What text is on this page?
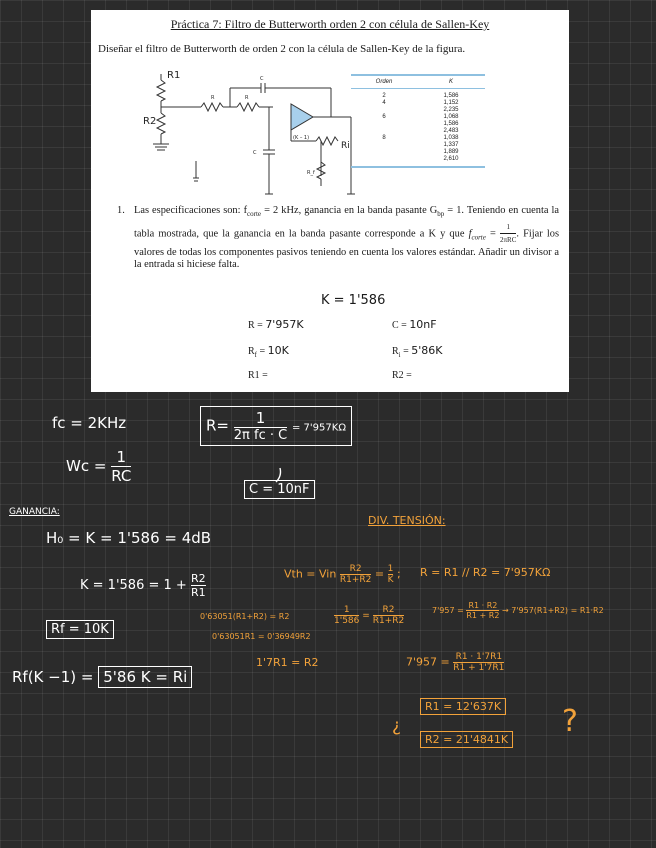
Práctica 7: Filtro de Butterworth orden 2 con célula de Sallen-Key
Diseñar el filtro de Butterworth de orden 2 con la célula de Sallen-Key de la figura.
R1
R2
Ri
C
C
R	R
(K – 1)
R_f
Orden	K
2	1,586
4	1,152
2,235
6	1,068
1,586
2,483
8	1,038
1,337
1,889
2,610
1. Las especificaciones son: $f_{corte} = 2$ kHz, ganancia en la banda pasante $G_{bp} = 1$. Teniendo en cuenta la tabla mostrada, que la ganancia en la banda pasante corresponde a K y que $f_{corte} = \frac{1}{\text{2πRC}}$ . Fijar los valores de todas los componentes pasivos teniendo en cuenta los valores estándar. Añadir un divisor a la entrada si hiciese falta.
K = 1'586
R = 7'957K	C = 10nF
$R_f = 10K$	$R_i = 5'86K$
R1 =	R2 =
fc = 2KHz
$Wc = \frac{1}{RC}$
$R= \frac{1}{\text{2π fc · C}} = 7'957K\Omega$
C = 10nF
GANANCIA:
H₀ = K = 1'586 = 4dB
$K = 1'586 = 1 + \frac{R2}{R1}$
Rf = 10K
Rf(K −1) = 5'86 K = Ri
DIV. TENSIÓN:
Vth = Vin $\frac{R2}{R1+R2} = \frac{1}{K}$ ; R = R1 // R2 = 7'957KΩ
0'63051(R1+R2) = R2
0'63051R1 = 0'36949R2
$\frac{1}{1'586} = \frac{R2}{R1+R2}$	$7'957 = \frac{R1 \cdot R2}{R1 + R2} \to 7'957(R1+R2) = R1\cdot R2$
1'7R1 = R2	$7'957 = \frac{R1 \cdot 1'7R1}{R1 + 1'7R1}$
¿
R1 = 12'637K
R2 = 21'4841K
?
